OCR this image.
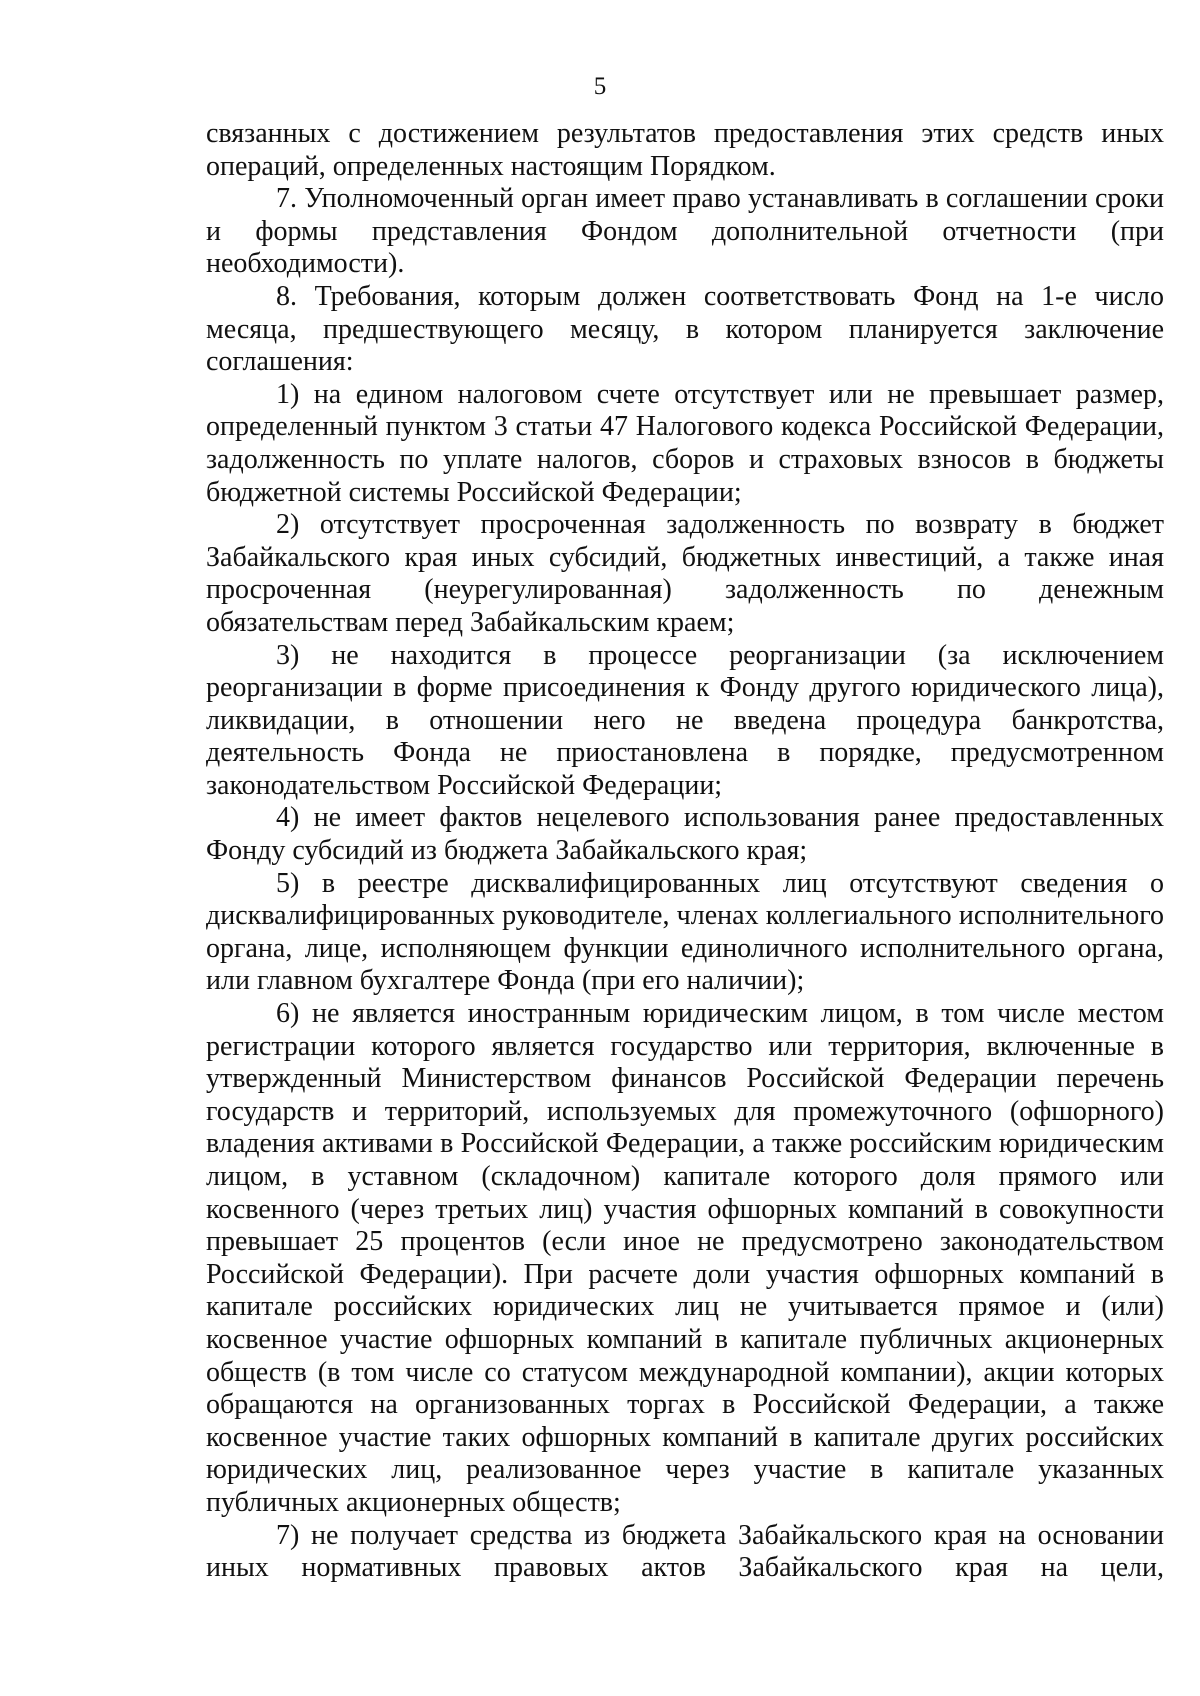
5

связанных с достижением результатов предоставления этих средств иных операций, определенных настоящим Порядком.

7. Уполномоченный орган имеет право устанавливать в соглашении сроки и формы представления Фондом дополнительной отчетности (при необходимости).

8. Требования, которым должен соответствовать Фонд на 1-е число месяца, предшествующего месяцу, в котором планируется заключение соглашения:

1) на едином налоговом счете отсутствует или не превышает размер, определенный пунктом 3 статьи 47 Налогового кодекса Российской Федерации, задолженность по уплате налогов, сборов и страховых взносов в бюджеты бюджетной системы Российской Федерации;

2) отсутствует просроченная задолженность по возврату в бюджет Забайкальского края иных субсидий, бюджетных инвестиций, а также иная просроченная (неурегулированная) задолженность по денежным обязательствам перед Забайкальским краем;

3) не находится в процессе реорганизации (за исключением реорганизации в форме присоединения к Фонду другого юридического лица), ликвидации, в отношении него не введена процедура банкротства, деятельность Фонда не приостановлена в порядке, предусмотренном законодательством Российской Федерации;

4) не имеет фактов нецелевого использования ранее предоставленных Фонду субсидий из бюджета Забайкальского края;

5) в реестре дисквалифицированных лиц отсутствуют сведения о дисквалифицированных руководителе, членах коллегиального исполнительного органа, лице, исполняющем функции единоличного исполнительного органа, или главном бухгалтере Фонда (при его наличии);

6) не является иностранным юридическим лицом, в том числе местом регистрации которого является государство или территория, включенные в утвержденный Министерством финансов Российской Федерации перечень государств и территорий, используемых для промежуточного (офшорного) владения активами в Российской Федерации, а также российским юридическим лицом, в уставном (складочном) капитале которого доля прямого или косвенного (через третьих лиц) участия офшорных компаний в совокупности превышает 25 процентов (если иное не предусмотрено законодательством Российской Федерации). При расчете доли участия офшорных компаний в капитале российских юридических лиц не учитывается прямое и (или) косвенное участие офшорных компаний в капитале публичных акционерных обществ (в том числе со статусом международной компании), акции которых обращаются на организованных торгах в Российской Федерации, а также косвенное участие таких офшорных компаний в капитале других российских юридических лиц, реализованное через участие в капитале указанных публичных акционерных обществ;

7) не получает средства из бюджета Забайкальского края на основании иных нормативных правовых актов Забайкальского края на цели,
